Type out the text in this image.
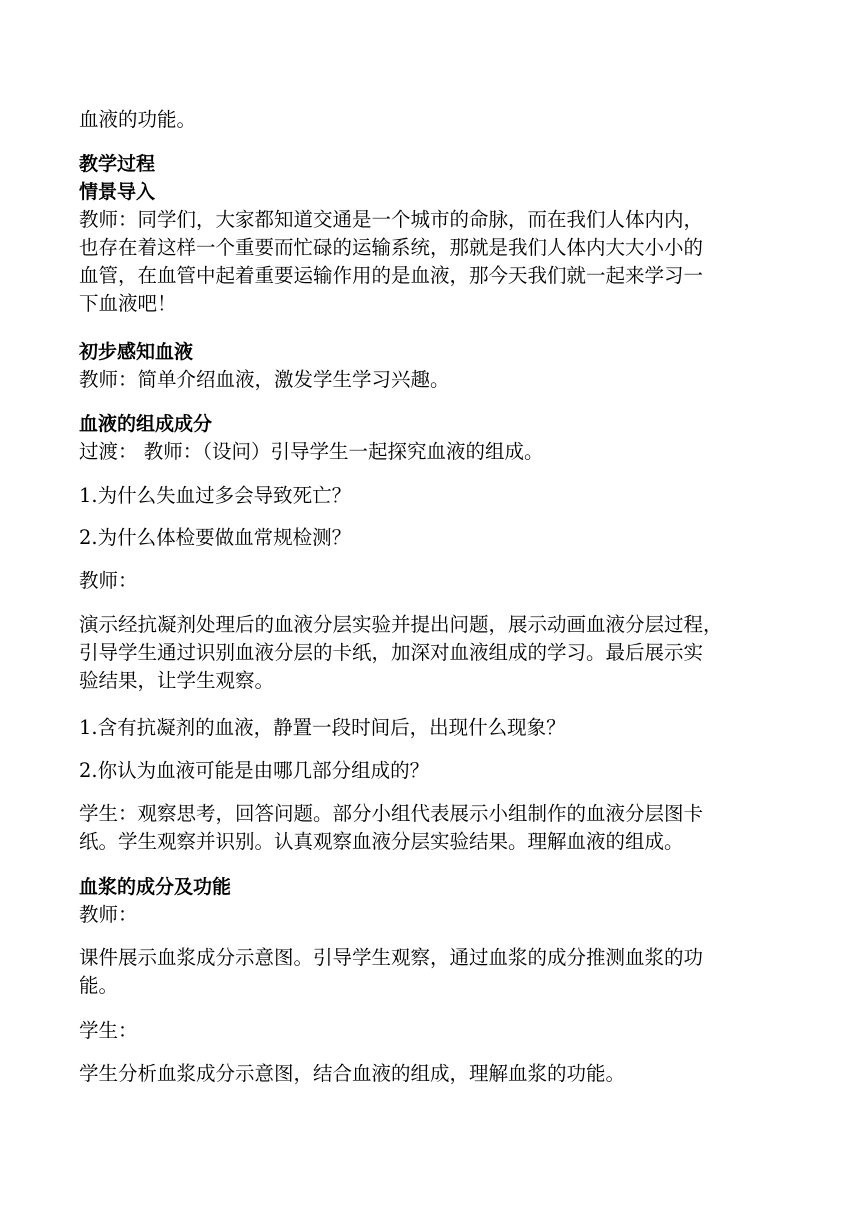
血液的功能。
教学过程
情景导入
教师：同学们，大家都知道交通是一个城市的命脉，而在我们人体内内，
也存在着这样一个重要而忙碌的运输系统，那就是我们人体内大大小小的
血管，在血管中起着重要运输作用的是血液，那今天我们就一起来学习一
下血液吧！
初步感知血液
教师：简单介绍血液，激发学生学习兴趣。
血液的组成成分
过渡： 教师：（设问）引导学生一起探究血液的组成。
1.为什么失血过多会导致死亡？
2.为什么体检要做血常规检测？
教师：
演示经抗凝剂处理后的血液分层实验并提出问题，展示动画血液分层过程，
引导学生通过识别血液分层的卡纸，加深对血液组成的学习。最后展示实
验结果，让学生观察。
1.含有抗凝剂的血液，静置一段时间后，出现什么现象？
2.你认为血液可能是由哪几部分组成的？
学生：观察思考，回答问题。部分小组代表展示小组制作的血液分层图卡
纸。学生观察并识别。认真观察血液分层实验结果。理解血液的组成。
血浆的成分及功能
教师：
课件展示血浆成分示意图。引导学生观察，通过血浆的成分推测血浆的功
能。
学生：
学生分析血浆成分示意图，结合血液的组成，理解血浆的功能。
